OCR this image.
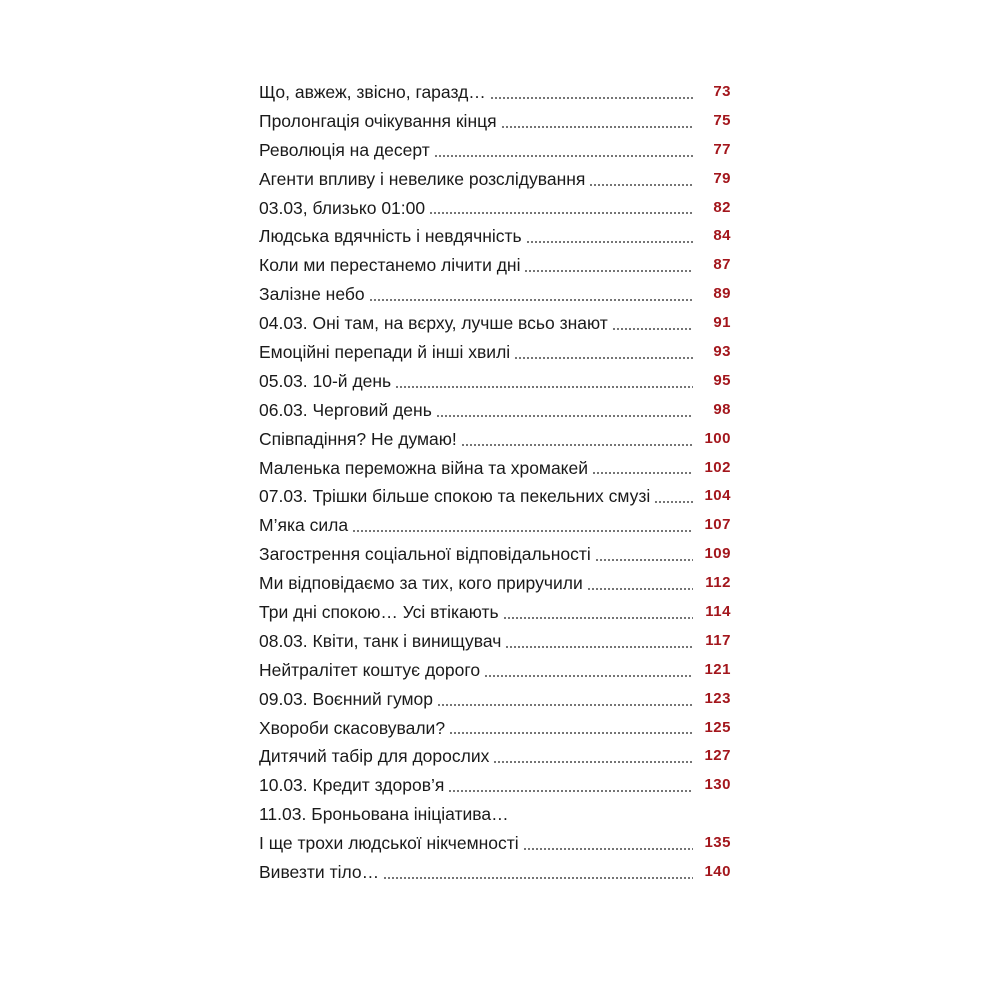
Що, авжеж, звісно, гаразд…	73
Пролонгація очікування кінця	75
Революція на десерт	77
Агенти впливу і невелике розслідування	79
03.03, близько 01:00	82
Людська вдячність і невдячність	84
Коли ми перестанемо лічити дні	87
Залізне небо	89
04.03. Оні там, на вєрху, лучше всьо знают	91
Емоційні перепади й інші хвилі	93
05.03. 10-й день	95
06.03. Черговий день	98
Співпадіння? Не думаю!	100
Маленька переможна війна та хромакей	102
07.03. Трішки більше спокою та пекельних смузі	104
М’яка сила	107
Загострення соціальної відповідальності	109
Ми відповідаємо за тих, кого приручили	112
Три дні спокою… Усі втікають	114
08.03. Квіти, танк і винищувач	117
Нейтралітет коштує дорого	121
09.03. Воєнний гумор	123
Хвороби скасовували?	125
Дитячий табір для дорослих	127
10.03. Кредит здоров’я	130
11.03. Броньована ініціатива…
І ще трохи людської нікчемності	135
Вивезти тіло…	140
